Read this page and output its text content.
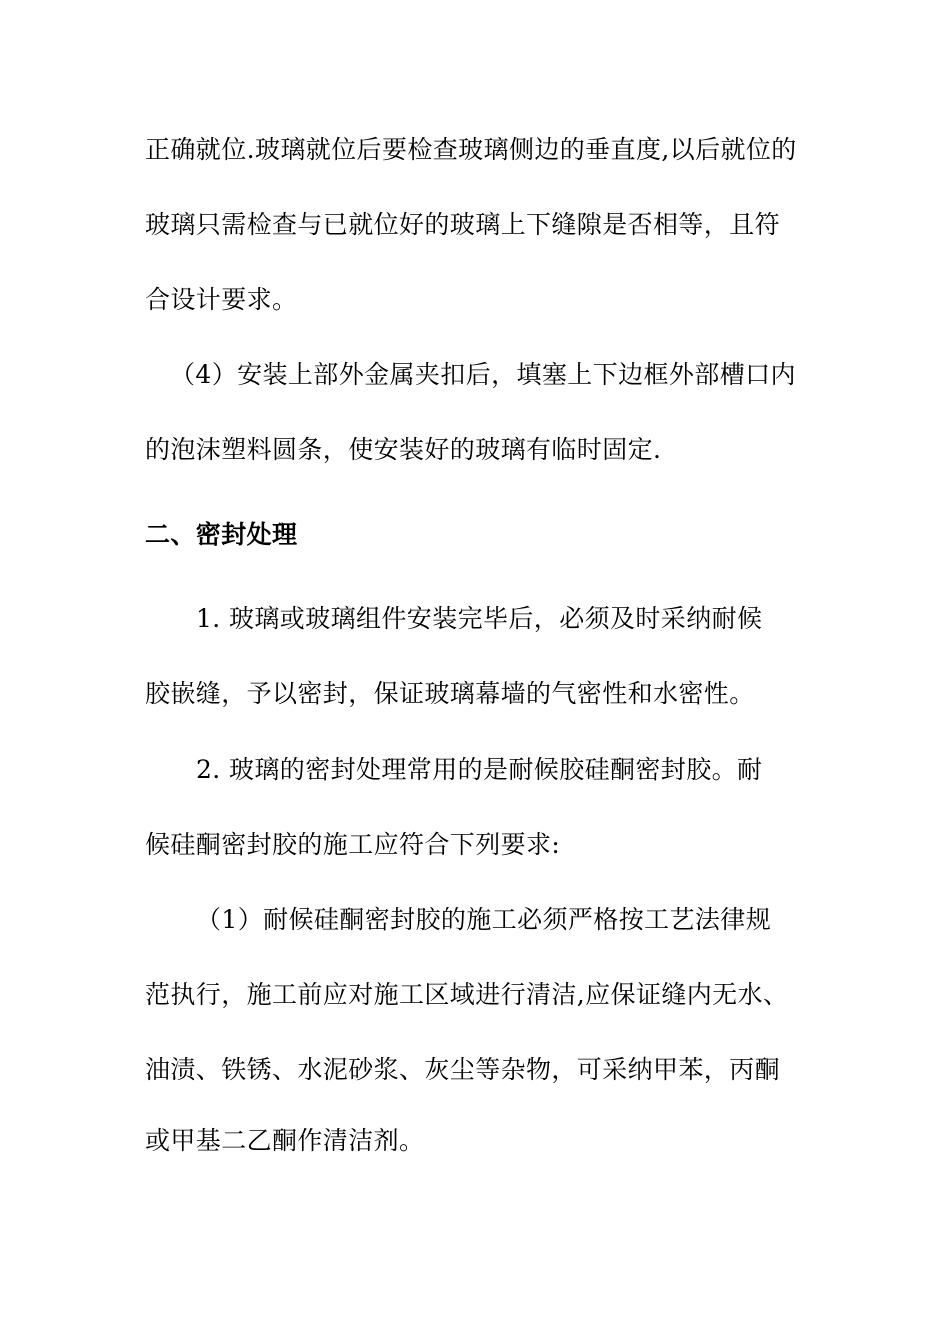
正确就位.玻璃就位后要检查玻璃侧边的垂直度,以后就位的
玻璃只需检查与已就位好的玻璃上下缝隙是否相等，且符
合设计要求。
（4）安装上部外金属夹扣后，填塞上下边框外部槽口内
的泡沫塑料圆条，使安装好的玻璃有临时固定.
二、密封处理
1. 玻璃或玻璃组件安装完毕后，必须及时采纳耐候
胶嵌缝，予以密封，保证玻璃幕墙的气密性和水密性。
2. 玻璃的密封处理常用的是耐候胶硅酮密封胶。耐
候硅酮密封胶的施工应符合下列要求:
（1）耐候硅酮密封胶的施工必须严格按工艺法律规
范执行，施工前应对施工区域进行清洁,应保证缝内无水、
油渍、铁锈、水泥砂浆、灰尘等杂物，可采纳甲苯，丙酮
或甲基二乙酮作清洁剂。
